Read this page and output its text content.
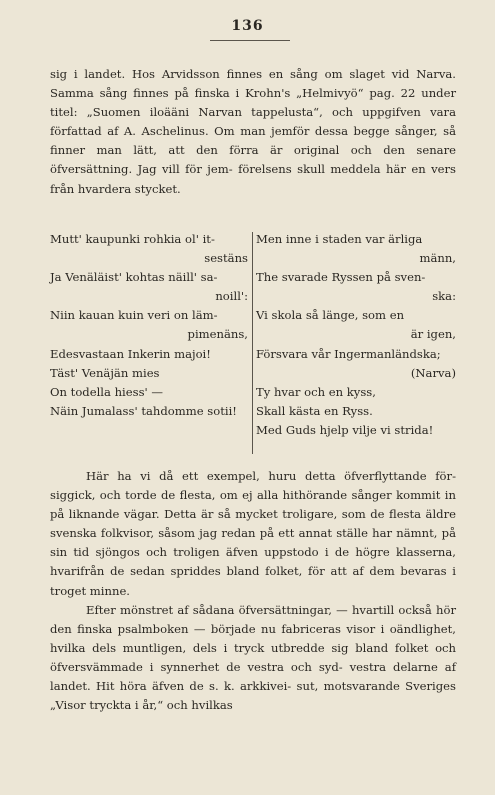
136

sig i landet. Hos Arvidsson finnes en sång om slaget vid Narva. Samma sång finnes på finska i Krohn's „Helmivyö“ pag. 22 under titel: „Suomen iloääni Narvan tappelusta“, och uppgifven vara författad af A. Aschelinus. Om man jemför dessa begge sånger, så finner man lätt, att den förra är original och den senare öfversättning. Jag vill för jem- förelsens skull meddela här en vers från hvardera stycket.

Mutt' kaupunki rohkia ol' it-
sestäns
Ja Venäläist' kohtas näill' sa-
noill':
Niin kauan kuin veri on läm-
pimenäns,
Edesvastaan Inkerin majoi!
Täst' Venäjän mies
On todella hiess' —
Näin Jumalass' tahdomme sotii!
Men inne i staden var ärliga
männ,
The svarade Ryssen på sven-
ska:
Vi skola så länge, som en
är igen,
Försvara vår Ingermanländska;
(Narva)
Ty hvar och en kyss,
Skall kästa en Ryss.
Med Guds hjelp vilje vi strida!

Här ha vi då ett exempel, huru detta öfverflyttande för- siggick, och torde de flesta, om ej alla hithörande sånger kommit in på liknande vägar. Detta är så mycket troligare, som de flesta äldre svenska folkvisor, såsom jag redan på ett annat ställe har nämnt, på sin tid sjöngos och troligen äfven uppstodo i de högre klasserna, hvarifrån de sedan spriddes bland folket, för att af dem bevaras i troget minne.

Efter mönstret af sådana öfversättningar, — hvartill också hör den finska psalmboken — började nu fabriceras visor i oändlighet, hvilka dels muntligen, dels i tryck utbredde sig bland folket och öfversvämmade i synnerhet de vestra och syd- vestra delarne af landet. Hit höra äfven de s. k. arkkivei- sut, motsvarande Sveriges „Visor tryckta i år,“ och hvilkas
